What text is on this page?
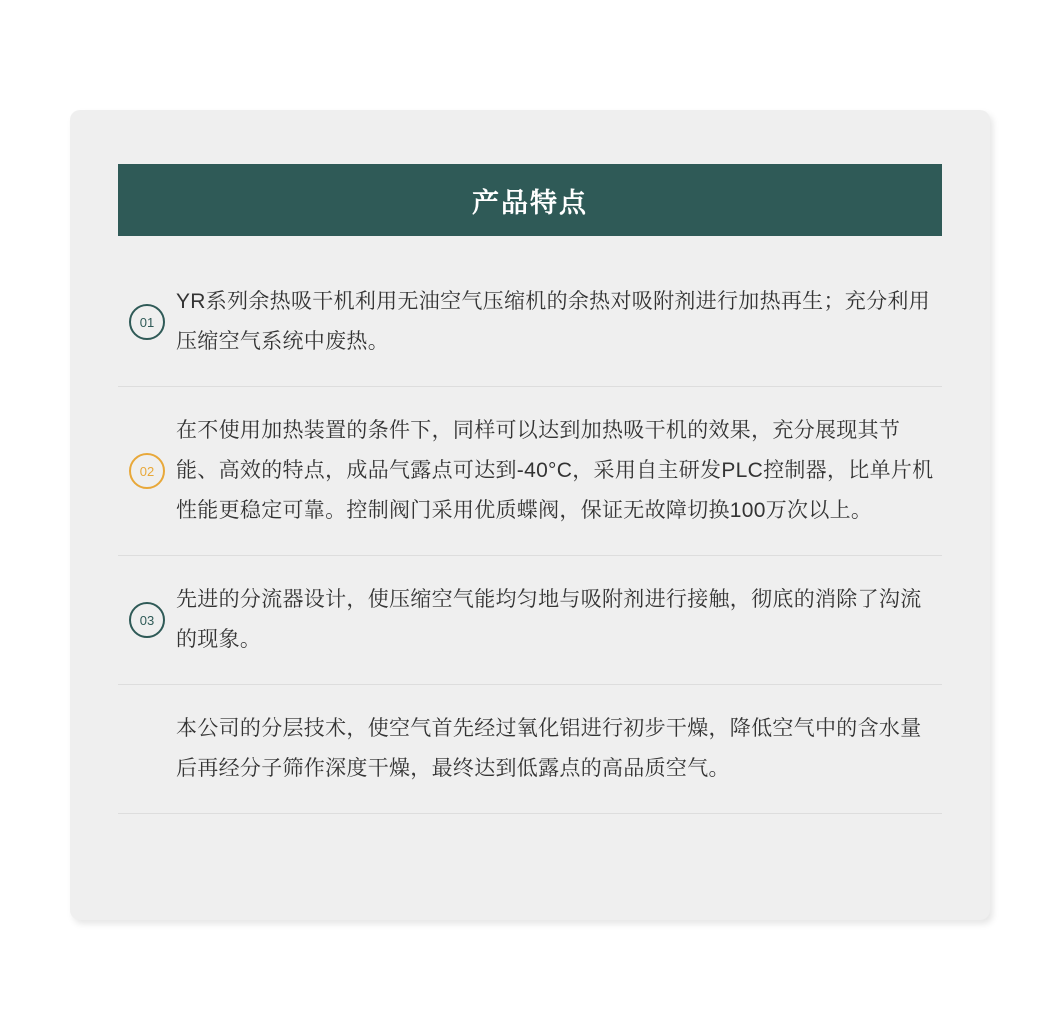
产品特点
01
YR系列余热吸干机利用无油空气压缩机的余热对吸附剂进行加热再生；充分利用压缩空气系统中废热。
02
在不使用加热装置的条件下，同样可以达到加热吸干机的效果，充分展现其节能、高效的特点，成品气露点可达到-40°C，采用自主研发PLC控制器，比单片机性能更稳定可靠。控制阀门采用优质蝶阀，保证无故障切换100万次以上。
03
先进的分流器设计，使压缩空气能均匀地与吸附剂进行接触，彻底的消除了沟流的现象。
本公司的分层技术，使空气首先经过氧化铝进行初步干燥，降低空气中的含水量后再经分子筛作深度干燥，最终达到低露点的高品质空气。
